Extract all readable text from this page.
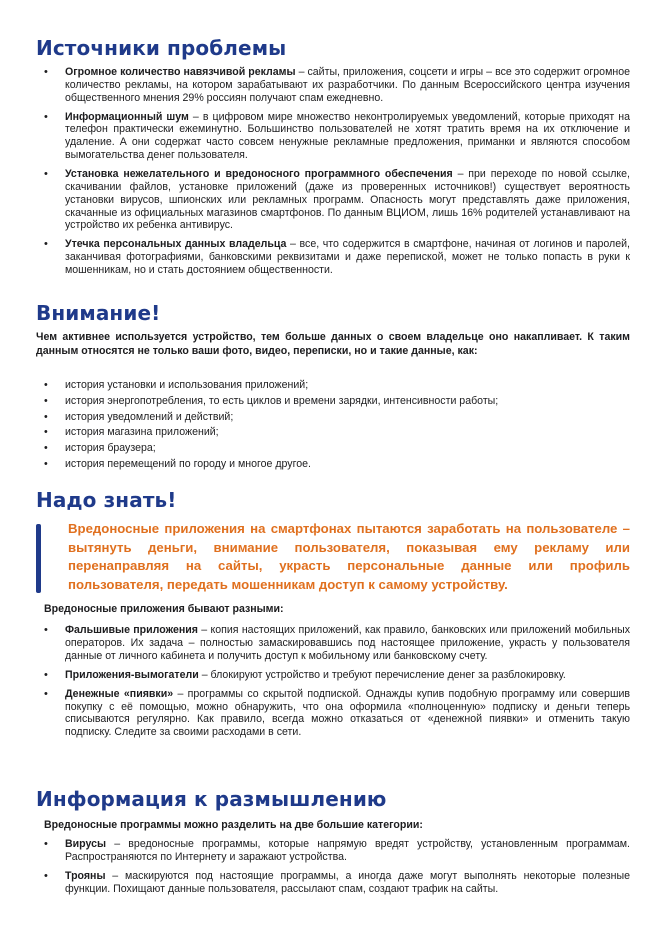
Источники проблемы
• Огромное количество навязчивой рекламы – сайты, приложения, соцсети и игры – все это содержит огромное количество рекламы, на котором зарабатывают их разработчики. По данным Всероссийского центра изучения общественного мнения 29% россиян получают спам ежедневно.
• Информационный шум – в цифровом мире множество неконтролируемых уведомлений, которые приходят на телефон практически ежеминутно. Большинство пользователей не хотят тратить время на их отключение и удаление. А они содержат часто совсем ненужные рекламные предложения, приманки и являются способом вымогательства денег пользователя.
• Установка нежелательного и вредоносного программного обеспечения – при переходе по новой ссылке, скачивании файлов, установке приложений (даже из проверенных источников!) существует вероятность установки вирусов, шпионских или рекламных программ. Опасность могут представлять даже приложения, скачанные из официальных магазинов смартфонов. По данным ВЦИОМ, лишь 16% родителей устанавливают на устройство их ребенка антивирус.
• Утечка персональных данных владельца – все, что содержится в смартфоне, начиная от логинов и паролей, заканчивая фотографиями, банковскими реквизитами и даже перепиской, может не только попасть в руки к мошенникам, но и стать достоянием общественности.
Внимание!

Чем активнее используется устройство, тем больше данных о своем владельце оно накапливает. К таким данным относятся не только ваши фото, видео, переписки, но и такие данные, как:

• история установки и использования приложений;
• история энергопотребления, то есть циклов и времени зарядки, интенсивности работы;
• история уведомлений и действий;
• история магазина приложений;
• история браузера;
• история перемещений по городу и многое другое.
Надо знать!

Вредоносные приложения на смартфонах пытаются заработать на пользователе – вытянуть деньги, внимание пользователя, показывая ему рекламу или перенаправляя на сайты, украсть персональные данные или профиль пользователя, передать мошенникам доступ к самому устройству.

Вредоносные приложения бывают разными:

• Фальшивые приложения – копия настоящих приложений, как правило, банковских или приложений мобильных операторов. Их задача – полностью замаскировавшись под настоящее приложение, украсть у пользователя данные от личного кабинета и получить доступ к мобильному или банковскому счету.
• Приложения-вымогатели – блокируют устройство и требуют перечисление денег за разблокировку.
• Денежные «пиявки» – программы со скрытой подпиской. Однажды купив подобную программу или совершив покупку с её помощью, можно обнаружить, что она оформила «полноценную» подписку и деньги теперь списываются регулярно. Как правило, всегда можно отказаться от «денежной пиявки» и отменить такую подписку. Следите за своими расходами в сети.
Информация к размышлению

Вредоносные программы можно разделить на две большие категории:

• Вирусы – вредоносные программы, которые напрямую вредят устройству, установленным программам. Распространяются по Интернету и заражают устройства.
• Трояны – маскируются под настоящие программы, а иногда даже могут выполнять некоторые полезные функции. Похищают данные пользователя, рассылают спам, создают трафик на сайты.
